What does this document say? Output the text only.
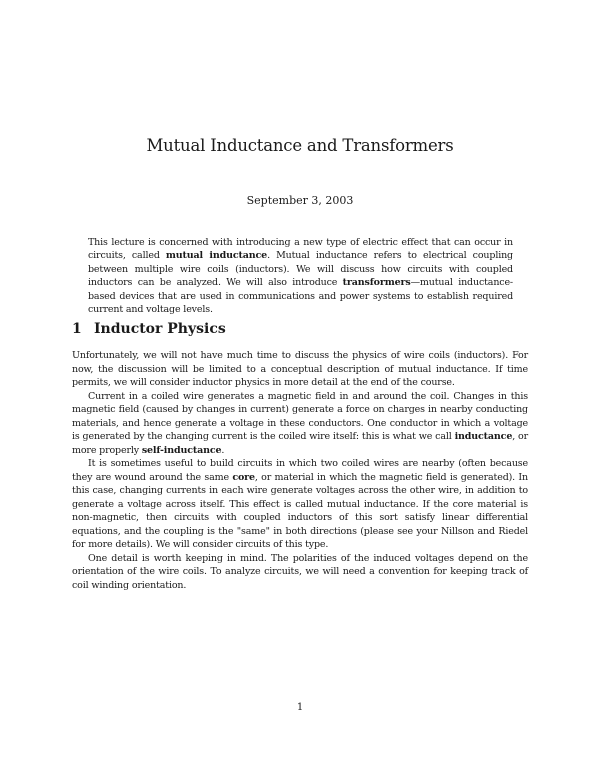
Mutual Inductance and Transformers
September 3, 2003
This lecture is concerned with introducing a new type of electric effect that can occur in circuits, called mutual inductance. Mutual inductance refers to electrical coupling between multiple wire coils (inductors). We will discuss how circuits with coupled inductors can be analyzed. We will also introduce transformers—mutual inductance-based devices that are used in communications and power systems to establish required current and voltage levels.
1 Inductor Physics

Unfortunately, we will not have much time to discuss the physics of wire coils (inductors). For now, the discussion will be limited to a conceptual description of mutual inductance. If time permits, we will consider inductor physics in more detail at the end of the course.

Current in a coiled wire generates a magnetic field in and around the coil. Changes in this magnetic field (caused by changes in current) generate a force on charges in nearby conducting materials, and hence generate a voltage in these conductors. One conductor in which a voltage is generated by the changing current is the coiled wire itself: this is what we call inductance, or more properly self-inductance.

It is sometimes useful to build circuits in which two coiled wires are nearby (often because they are wound around the same core, or material in which the magnetic field is generated). In this case, changing currents in each wire generate voltages across the other wire, in addition to generate a voltage across itself. This effect is called mutual inductance. If the core material is non-magnetic, then circuits with coupled inductors of this sort satisfy linear differential equations, and the coupling is the "same" in both directions (please see your Nillson and Riedel for more details). We will consider circuits of this type.

One detail is worth keeping in mind. The polarities of the induced voltages depend on the orientation of the wire coils. To analyze circuits, we will need a convention for keeping track of coil winding orientation.

1
